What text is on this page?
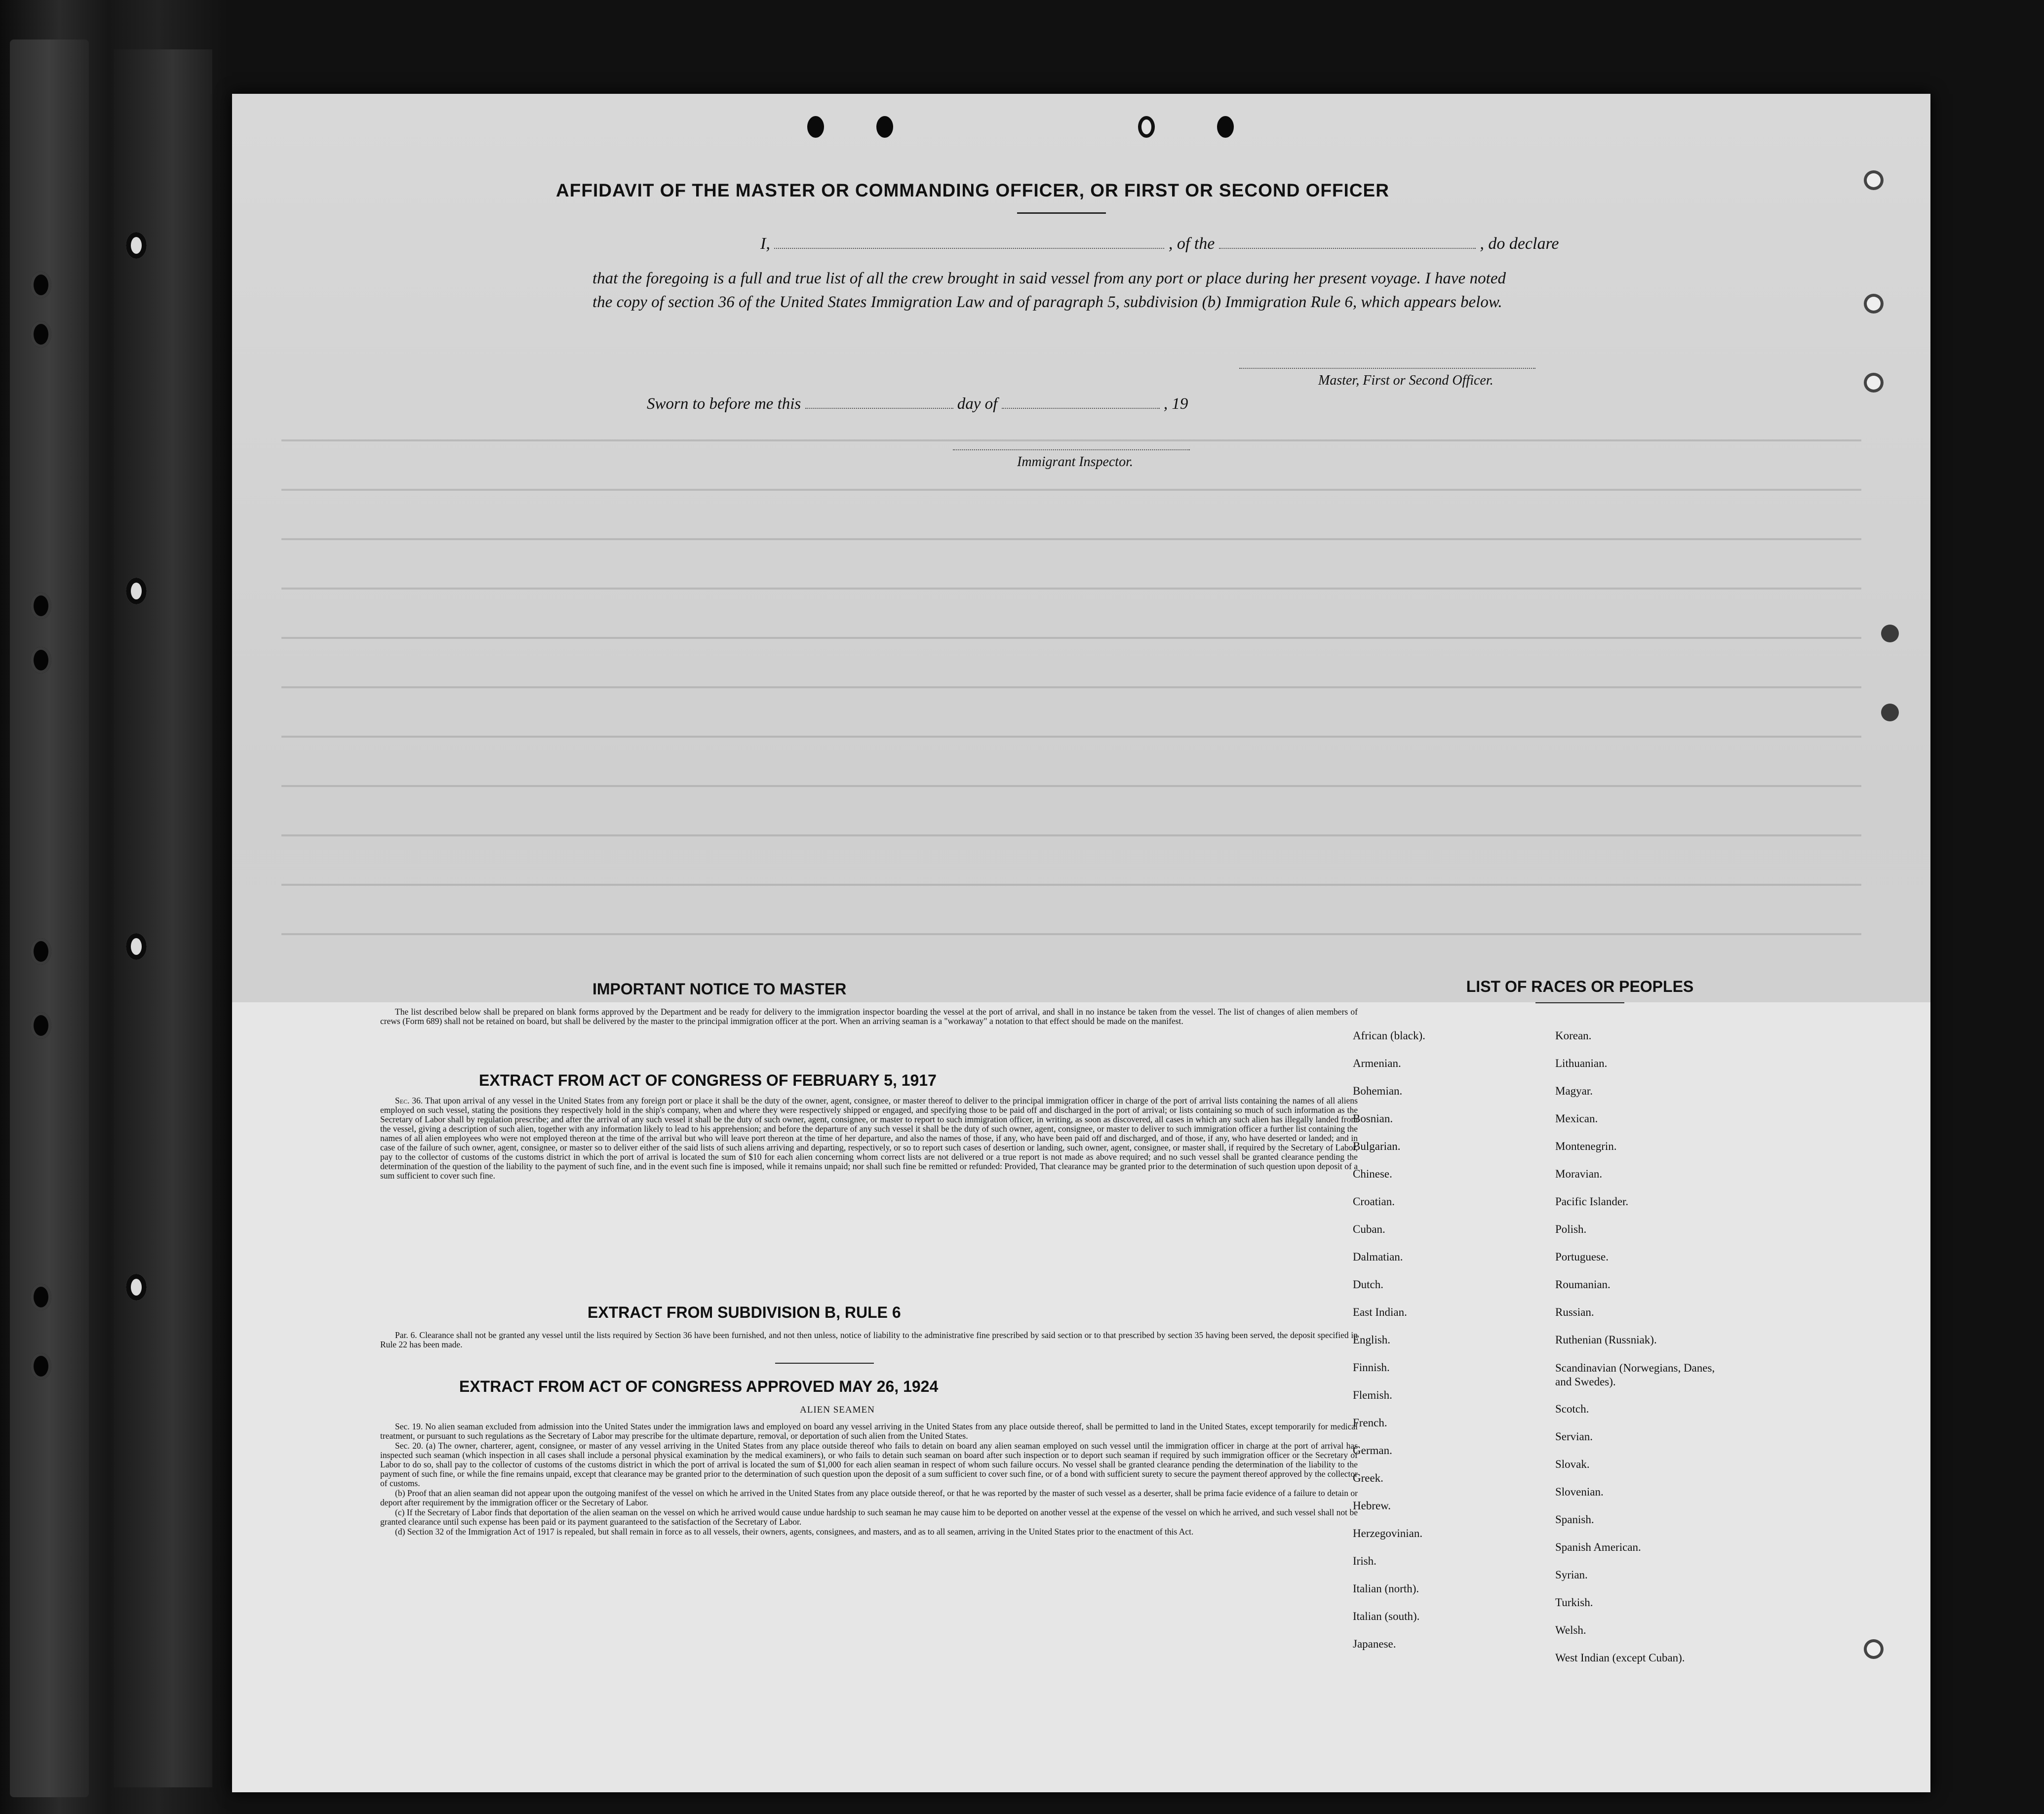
AFFIDAVIT OF THE MASTER OR COMMANDING OFFICER, OR FIRST OR SECOND OFFICER
I,	, of the	, do declare
that the foregoing is a full and true list of all the crew brought in said vessel from any port or place during her present voyage. I have noted the copy of section 36 of the United States Immigration Law and of paragraph 5, subdivision (b) Immigration Rule 6, which appears below.
Master, First or Second Officer.
Sworn to before me this	day of	, 19
Immigrant Inspector.
IMPORTANT NOTICE TO MASTER

The list described below shall be prepared on blank forms approved by the Department and be ready for delivery to the immigration inspector boarding the vessel at the port of arrival, and shall in no instance be taken from the vessel. The list of changes of alien members of crews (Form 689) shall not be retained on board, but shall be delivered by the master to the principal immigration officer at the port. When an arriving seaman is a "workaway" a notation to that effect should be made on the manifest.

EXTRACT FROM ACT OF CONGRESS OF FEBRUARY 5, 1917

Sec. 36. That upon arrival of any vessel in the United States from any foreign port or place it shall be the duty of the owner, agent, consignee, or master thereof to deliver to the principal immigration officer in charge of the port of arrival lists containing the names of all aliens employed on such vessel, stating the positions they respectively hold in the ship's company, when and where they were respectively shipped or engaged, and specifying those to be paid off and discharged in the port of arrival; or lists containing so much of such information as the Secretary of Labor shall by regulation prescribe; and after the arrival of any such vessel it shall be the duty of such owner, agent, consignee, or master to report to such immigration officer, in writing, as soon as discovered, all cases in which any such alien has illegally landed from the vessel, giving a description of such alien, together with any information likely to lead to his apprehension; and before the departure of any such vessel it shall be the duty of such owner, agent, consignee, or master to deliver to such immigration officer a further list containing the names of all alien employees who were not employed thereon at the time of the arrival but who will leave port thereon at the time of her departure, and also the names of those, if any, who have been paid off and discharged, and of those, if any, who have deserted or landed; and in case of the failure of such owner, agent, consignee, or master so to deliver either of the said lists of such aliens arriving and departing, respectively, or so to report such cases of desertion or landing, such owner, agent, consignee, or master shall, if required by the Secretary of Labor, pay to the collector of customs of the customs district in which the port of arrival is located the sum of $10 for each alien concerning whom correct lists are not delivered or a true report is not made as above required; and no such vessel shall be granted clearance pending the determination of the question of the liability to the payment of such fine, and in the event such fine is imposed, while it remains unpaid; nor shall such fine be remitted or refunded: Provided, That clearance may be granted prior to the determination of such question upon deposit of a sum sufficient to cover such fine.

EXTRACT FROM SUBDIVISION B, RULE 6

Par. 6. Clearance shall not be granted any vessel until the lists required by Section 36 have been furnished, and not then unless, notice of liability to the administrative fine prescribed by said section or to that prescribed by section 35 having been served, the deposit specified in Rule 22 has been made.

EXTRACT FROM ACT OF CONGRESS APPROVED MAY 26, 1924
ALIEN SEAMEN

Sec. 19. No alien seaman excluded from admission into the United States under the immigration laws and employed on board any vessel arriving in the United States from any place outside thereof, shall be permitted to land in the United States, except temporarily for medical treatment, or pursuant to such regulations as the Secretary of Labor may prescribe for the ultimate departure, removal, or deportation of such alien from the United States.

Sec. 20. (a) The owner, charterer, agent, consignee, or master of any vessel arriving in the United States from any place outside thereof who fails to detain on board any alien seaman employed on such vessel until the immigration officer in charge at the port of arrival has inspected such seaman (which inspection in all cases shall include a personal physical examination by the medical examiners), or who fails to detain such seaman on board after such inspection or to deport such seaman if required by such immigration officer or the Secretary of Labor to do so, shall pay to the collector of customs of the customs district in which the port of arrival is located the sum of $1,000 for each alien seaman in respect of whom such failure occurs. No vessel shall be granted clearance pending the determination of the liability to the payment of such fine, or while the fine remains unpaid, except that clearance may be granted prior to the determination of such question upon the deposit of a sum sufficient to cover such fine, or of a bond with sufficient surety to secure the payment thereof approved by the collector of customs.

(b) Proof that an alien seaman did not appear upon the outgoing manifest of the vessel on which he arrived in the United States from any place outside thereof, or that he was reported by the master of such vessel as a deserter, shall be prima facie evidence of a failure to detain or deport after requirement by the immigration officer or the Secretary of Labor.

(c) If the Secretary of Labor finds that deportation of the alien seaman on the vessel on which he arrived would cause undue hardship to such seaman he may cause him to be deported on another vessel at the expense of the vessel on which he arrived, and such vessel shall not be granted clearance until such expense has been paid or its payment guaranteed to the satisfaction of the Secretary of Labor.

(d) Section 32 of the Immigration Act of 1917 is repealed, but shall remain in force as to all vessels, their owners, agents, consignees, and masters, and as to all seamen, arriving in the United States prior to the enactment of this Act.

LIST OF RACES OR PEOPLES
African (black).
Armenian.
Bohemian.
Bosnian.
Bulgarian.
Chinese.
Croatian.
Cuban.
Dalmatian.
Dutch.
East Indian.
English.
Finnish.
Flemish.
French.
German.
Greek.
Hebrew.
Herzegovinian.
Irish.
Italian (north).
Italian (south).
Japanese.
Korean.
Lithuanian.
Magyar.
Mexican.
Montenegrin.
Moravian.
Pacific Islander.
Polish.
Portuguese.
Roumanian.
Russian.
Ruthenian (Russniak).
Scandinavian (Norwegians, Danes, and Swedes).
Scotch.
Servian.
Slovak.
Slovenian.
Spanish.
Spanish American.
Syrian.
Turkish.
Welsh.
West Indian (except Cuban).
